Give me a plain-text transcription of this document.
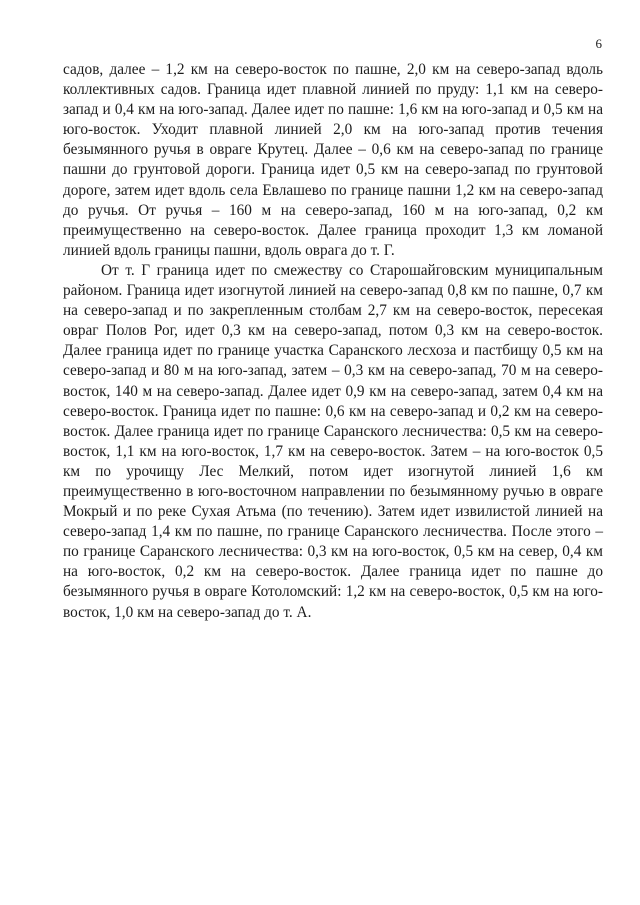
6

садов, далее – 1,2 км на северо-восток по пашне, 2,0 км на северо-запад вдоль коллективных садов. Граница идет плавной линией по пруду: 1,1 км на северо-запад и 0,4 км на юго-запад. Далее идет по пашне: 1,6 км на юго-запад и 0,5 км на юго-восток. Уходит плавной линией 2,0 км на юго-запад против течения безымянного ручья в овраге Крутец. Далее – 0,6 км на северо-запад по границе пашни до грунтовой дороги. Граница идет 0,5 км на северо-запад по грунтовой дороге, затем идет вдоль села Евлашево по границе пашни 1,2 км на северо-запад до ручья. От ручья – 160 м на северо-запад, 160 м на юго-запад, 0,2 км преимущественно на северо-восток. Далее граница проходит 1,3 км ломаной линией вдоль границы пашни, вдоль оврага до т. Г.

От т. Г граница идет по смежеству со Старошайговским муниципальным районом. Граница идет изогнутой линией на северо-запад 0,8 км по пашне, 0,7 км на северо-запад и по закрепленным столбам 2,7 км на северо-восток, пересекая овраг Полов Рог, идет 0,3 км на северо-запад, потом 0,3 км на северо-восток. Далее граница идет по границе участка Саранского лесхоза и пастбищу 0,5 км на северо-запад и 80 м на юго-запад, затем – 0,3 км на северо-запад, 70 м на северо-восток, 140 м на северо-запад. Далее идет 0,9 км на северо-запад, затем 0,4 км на северо-восток. Граница идет по пашне: 0,6 км на северо-запад и 0,2 км на северо-восток. Далее граница идет по границе Саранского лесничества: 0,5 км на северо-восток, 1,1 км на юго-восток, 1,7 км на северо-восток. Затем – на юго-восток 0,5 км по урочищу Лес Мелкий, потом идет изогнутой линией 1,6 км преимущественно в юго-восточном направлении по безымянному ручью в овраге Мокрый и по реке Сухая Атьма (по течению). Затем идет извилистой линией на северо-запад 1,4 км по пашне, по границе Саранского лесничества. После этого – по границе Саранского лесничества: 0,3 км на юго-восток, 0,5 км на север, 0,4 км на юго-восток, 0,2 км на северо-восток. Далее граница идет по пашне до безымянного ручья в овраге Котоломский: 1,2 км на северо-восток, 0,5 км на юго-восток, 1,0 км на северо-запад до т. А.
